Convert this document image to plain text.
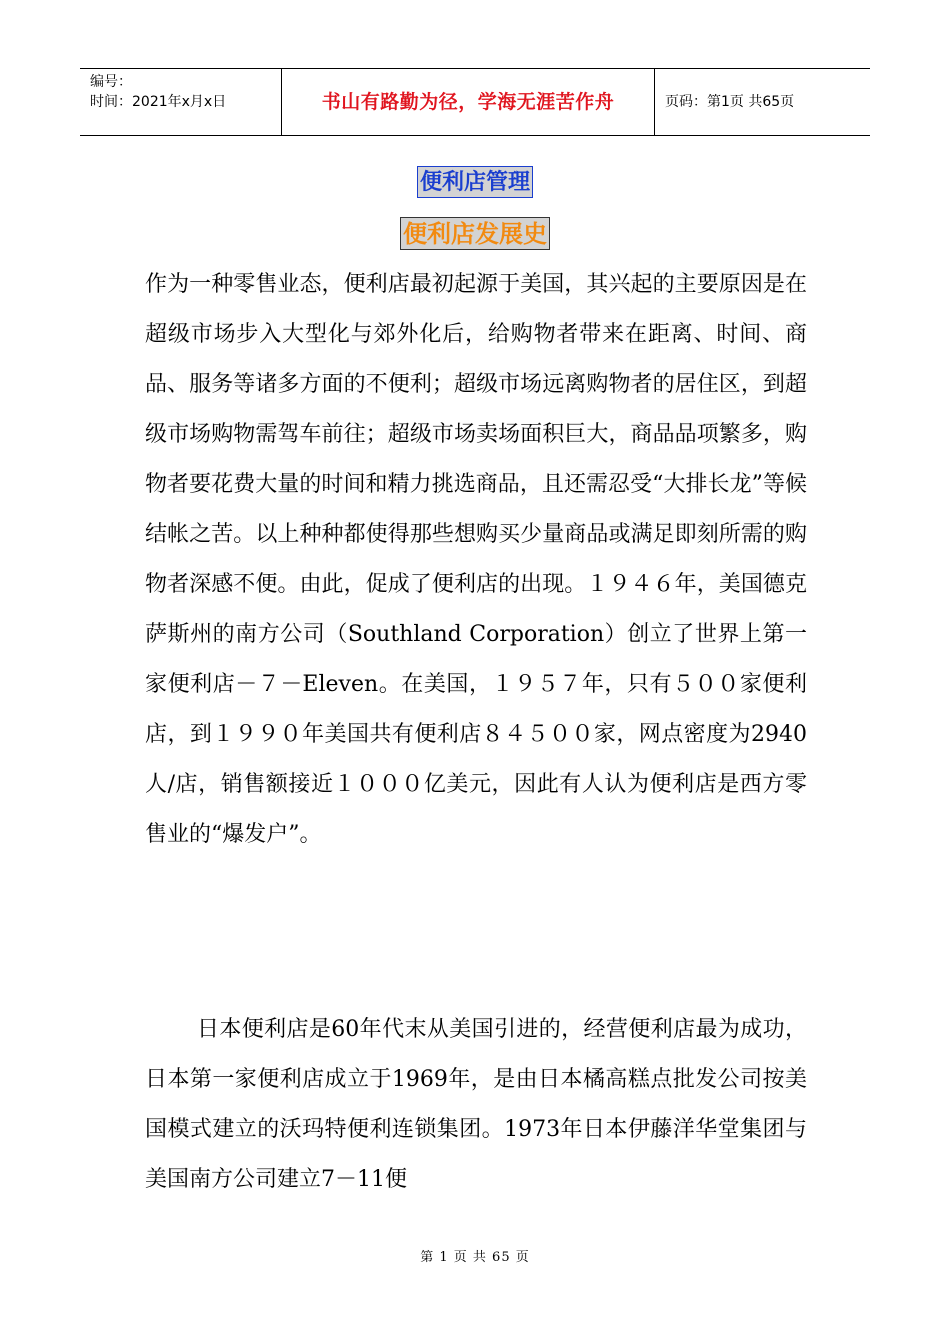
编号：
时间：2021年x月x日	书山有路勤为径，学海无涯苦作舟	页码：第1页 共65页
便利店管理
便利店发展史
作为一种零售业态，便利店最初起源于美国，其兴起的主要原因是在超级市场步入大型化与郊外化后，给购物者带来在距离、时间、商品、服务等诸多方面的不便利；超级市场远离购物者的居住区，到超级市场购物需驾车前往；超级市场卖场面积巨大，商品品项繁多，购物者要花费大量的时间和精力挑选商品，且还需忍受“大排长龙”等候结帐之苦。以上种种都使得那些想购买少量商品或满足即刻所需的购物者深感不便。由此，促成了便利店的出现。１９４６年，美国德克萨斯州的南方公司（Southland Corporation）创立了世界上第一家便利店－７－Eleven。在美国，１９５７年，只有５００家便利店，到１９９０年美国共有便利店８４５００家，网点密度为2940人/店，销售额接近１０００亿美元，因此有人认为便利店是西方零售业的“爆发户”。
日本便利店是60年代末从美国引进的，经营便利店最为成功，日本第一家便利店成立于1969年，是由日本橘高糕点批发公司按美国模式建立的沃玛特便利连锁集团。1973年日本伊藤洋华堂集团与美国南方公司建立7－11便
第 1 页 共 65 页
